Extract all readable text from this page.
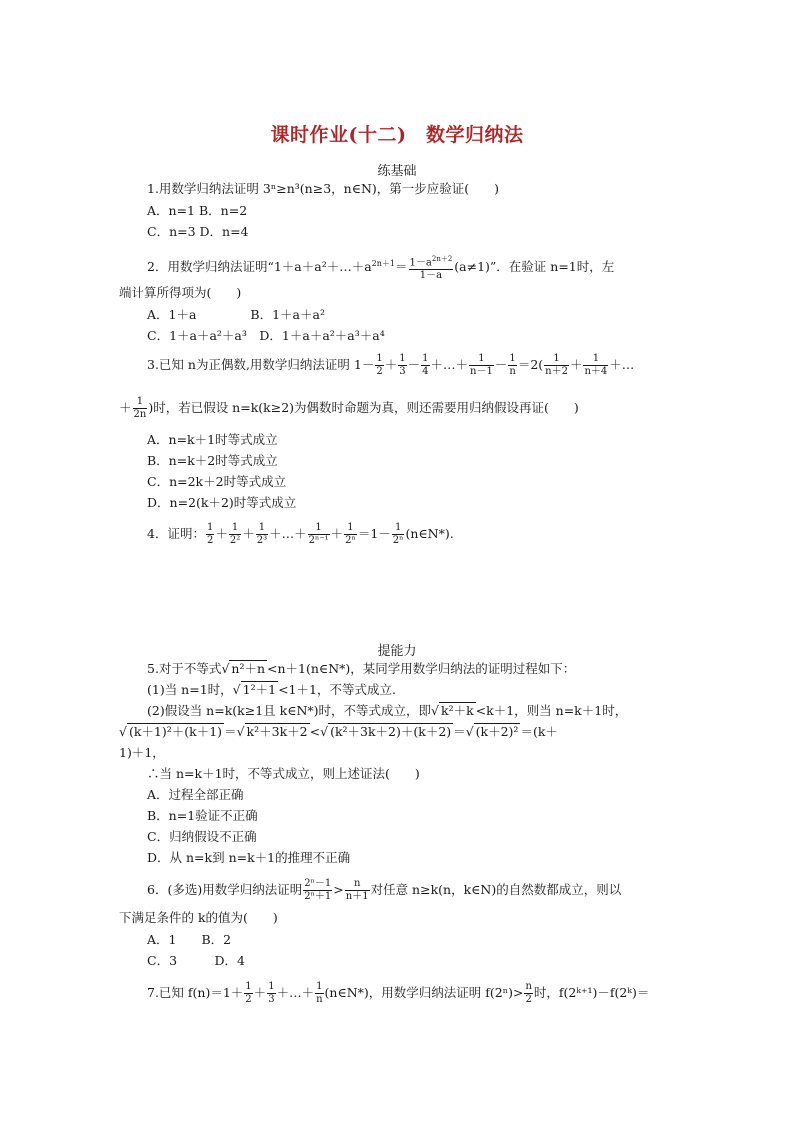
课时作业(十二)　数学归纳法
练基础
1.用数学归纳法证明 3ⁿ≥n³(n≥3，n∈N)，第一步应验证(　　)
A．n=1 B．n=2
C．n=3 D．n=4
2．用数学归纳法证明“$1+a+a^2+\dots+a^{2n+1}= \frac{1-a^{2n+2}}{1-a} (a\ne 1)$”．在验证 n=1时，左
端计算所得项为(　　)
A．1＋a　　　　 B．1＋a＋a²
C．1＋a＋a²＋a³　D．1＋a＋a²＋a³＋a⁴
3.已知 n为正偶数,用数学归纳法证明 $1- \frac{1}{2} + \frac{1}{3} - \frac{1}{4}$ ＋…＋ $\frac{1}{n-1} - \frac{1}{n} =2( \frac{1}{n+2} + \frac{1}{n+4}$ ＋…
＋ $\frac{1}{2n}$ )时，若已假设 n=k(k≥2)为偶数时命题为真，则还需要用归纳假设再证(　　)
A．n=k＋1时等式成立
B．n=k＋2时等式成立
C．n=2k＋2时等式成立
D．n=2(k＋2)时等式成立
4．证明： $\frac{1}{2} + \frac{1}{\text{2²}} + \frac{1}{\text{2³}}$ ＋…＋ $\frac{1}{\text{2ⁿ⁻¹}} + \frac{1}{\text{2ⁿ}} =1- \frac{1}{\text{2ⁿ}}$ (n∈N*).
提能力
5.对于不等式√ n²＋n <n＋1(n∈N*)，某同学用数学归纳法的证明过程如下：
(1)当 n=1时，√ 1²＋1 <1＋1，不等式成立.
(2)假设当 n=k(k≥1且 k∈N*)时，不等式成立，即√ k²＋k <k＋1，则当 n=k＋1时，
√ (k＋1)²＋(k＋1) ＝√ k²＋3k＋2 <√ (k²＋3k＋2)＋(k＋2) ＝√ (k＋2)² ＝(k＋
1)＋1，
∴当 n=k＋1时，不等式成立，则上述证法(　　)
A．过程全部正确
B．n=1验证不正确
C．归纳假设不正确
D．从 n=k到 n=k＋1的推理不正确
6．(多选)用数学归纳法证明 $\frac{\text{2ⁿ－1}}{\text{2ⁿ＋1}} > \frac{n}{n+1}$ 对任意 n≥k(n，k∈N)的自然数都成立，则以
下满足条件的 k的值为(　　)
A．1　　B．2
C．3　　　D．4
7.已知 $f(n)=1+ \frac{1}{2} + \frac{1}{3}$ ＋…＋ $\frac{1}{n}$ (n∈N*)，用数学归纳法证明 $f(2^n)> \frac{n}{2}$ 时，f(2ᵏ⁺¹)－f(2ᵏ)＝
